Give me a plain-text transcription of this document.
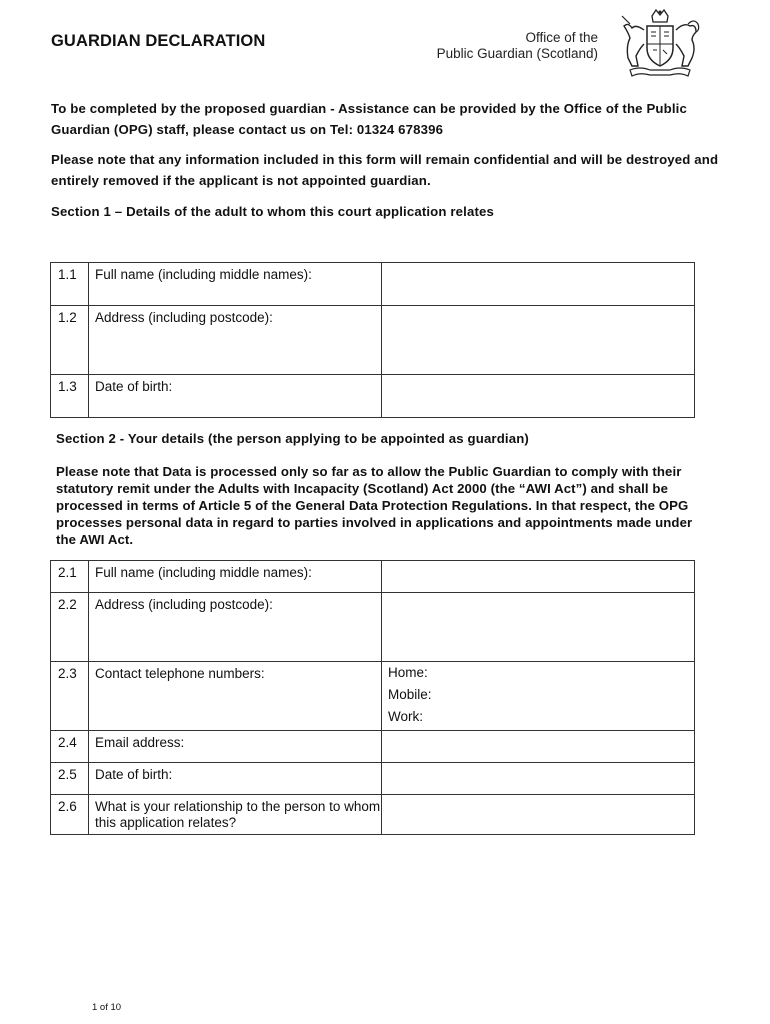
GUARDIAN DECLARATION	Office of the
Public Guardian (Scotland)
To be completed by the proposed guardian - Assistance can be provided by the Office of the Public Guardian (OPG) staff, please contact us on Tel: 01324 678396
Please note that any information included in this form will remain confidential and will be destroyed and entirely removed if the applicant is not appointed guardian.
Section 1 – Details of the adult to whom this court application relates
1.1	Full name (including middle names):	
1.2	Address (including postcode):	
1.3	Date of birth:	
Section 2 - Your details (the person applying to be appointed as guardian)
Please note that Data is processed only so far as to allow the Public Guardian to comply with their statutory remit under the Adults with Incapacity (Scotland) Act 2000 (the “AWI Act”) and shall be processed in terms of Article 5 of the General Data Protection Regulations. In that respect, the OPG processes personal data in regard to parties involved in applications and appointments made under the AWI Act.
2.1	Full name (including middle names):	
2.2	Address (including postcode):	
2.3	Contact telephone numbers:	Home:
Mobile:
Work:

2.4	Email address:	
2.5	Date of birth:	
2.6	What is your relationship to the person to whom this application relates?	
1 of 10
